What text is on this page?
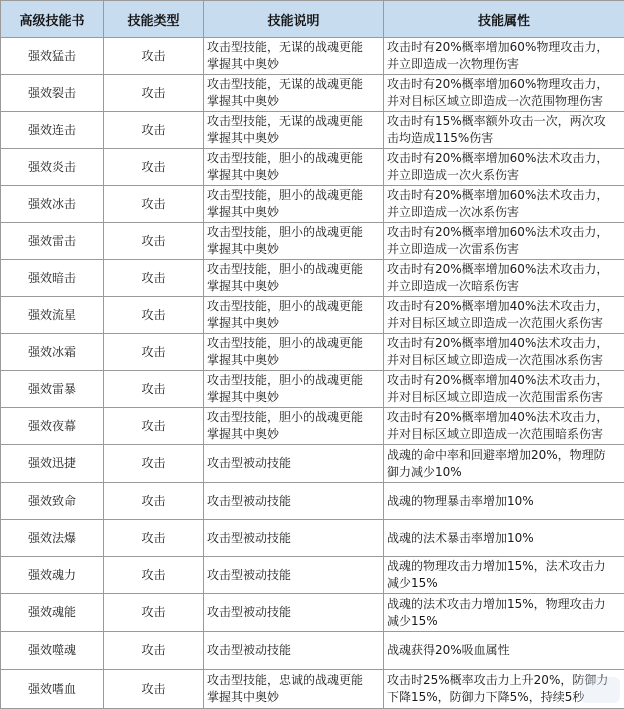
高级技能书	技能类型	技能说明	技能属性

强效猛击	攻击	攻击型技能，无谋的战魂更能
掌握其中奥妙	攻击时有20%概率增加60%物理攻击力，
并立即造成一次物理伤害

强效裂击	攻击	攻击型技能，无谋的战魂更能
掌握其中奥妙	攻击时有20%概率增加60%物理攻击力，
并对目标区域立即造成一次范围物理伤害

强效连击	攻击	攻击型技能，无谋的战魂更能
掌握其中奥妙	攻击时有15%概率额外攻击一次，两次攻
击均造成115%伤害

强效炎击	攻击	攻击型技能，胆小的战魂更能
掌握其中奥妙	攻击时有20%概率增加60%法术攻击力，
并立即造成一次火系伤害

强效冰击	攻击	攻击型技能，胆小的战魂更能
掌握其中奥妙	攻击时有20%概率增加60%法术攻击力，
并立即造成一次冰系伤害

强效雷击	攻击	攻击型技能，胆小的战魂更能
掌握其中奥妙	攻击时有20%概率增加60%法术攻击力，
并立即造成一次雷系伤害

强效暗击	攻击	攻击型技能，胆小的战魂更能
掌握其中奥妙	攻击时有20%概率增加60%法术攻击力，
并立即造成一次暗系伤害

强效流星	攻击	攻击型技能，胆小的战魂更能
掌握其中奥妙	攻击时有20%概率增加40%法术攻击力，
并对目标区域立即造成一次范围火系伤害

强效冰霜	攻击	攻击型技能，胆小的战魂更能
掌握其中奥妙	攻击时有20%概率增加40%法术攻击力，
并对目标区域立即造成一次范围冰系伤害

强效雷暴	攻击	攻击型技能，胆小的战魂更能
掌握其中奥妙	攻击时有20%概率增加40%法术攻击力，
并对目标区域立即造成一次范围雷系伤害

强效夜幕	攻击	攻击型技能，胆小的战魂更能
掌握其中奥妙	攻击时有20%概率增加40%法术攻击力，
并对目标区域立即造成一次范围暗系伤害

强效迅捷	攻击	攻击型被动技能	战魂的命中率和回避率增加20%，物理防
御力减少10%

强效致命	攻击	攻击型被动技能	战魂的物理暴击率增加10%

强效法爆	攻击	攻击型被动技能	战魂的法术暴击率增加10%

强效魂力	攻击	攻击型被动技能	战魂的物理攻击力增加15%，法术攻击力
减少15%

强效魂能	攻击	攻击型被动技能	战魂的法术攻击力增加15%，物理攻击力
减少15%

强效噬魂	攻击	攻击型被动技能	战魂获得20%吸血属性

强效嗜血	攻击	攻击型技能，忠诚的战魂更能
掌握其中奥妙	攻击时25%概率攻击力上升20%，防御力
下降15%，防御力下降5%，持续5秒
